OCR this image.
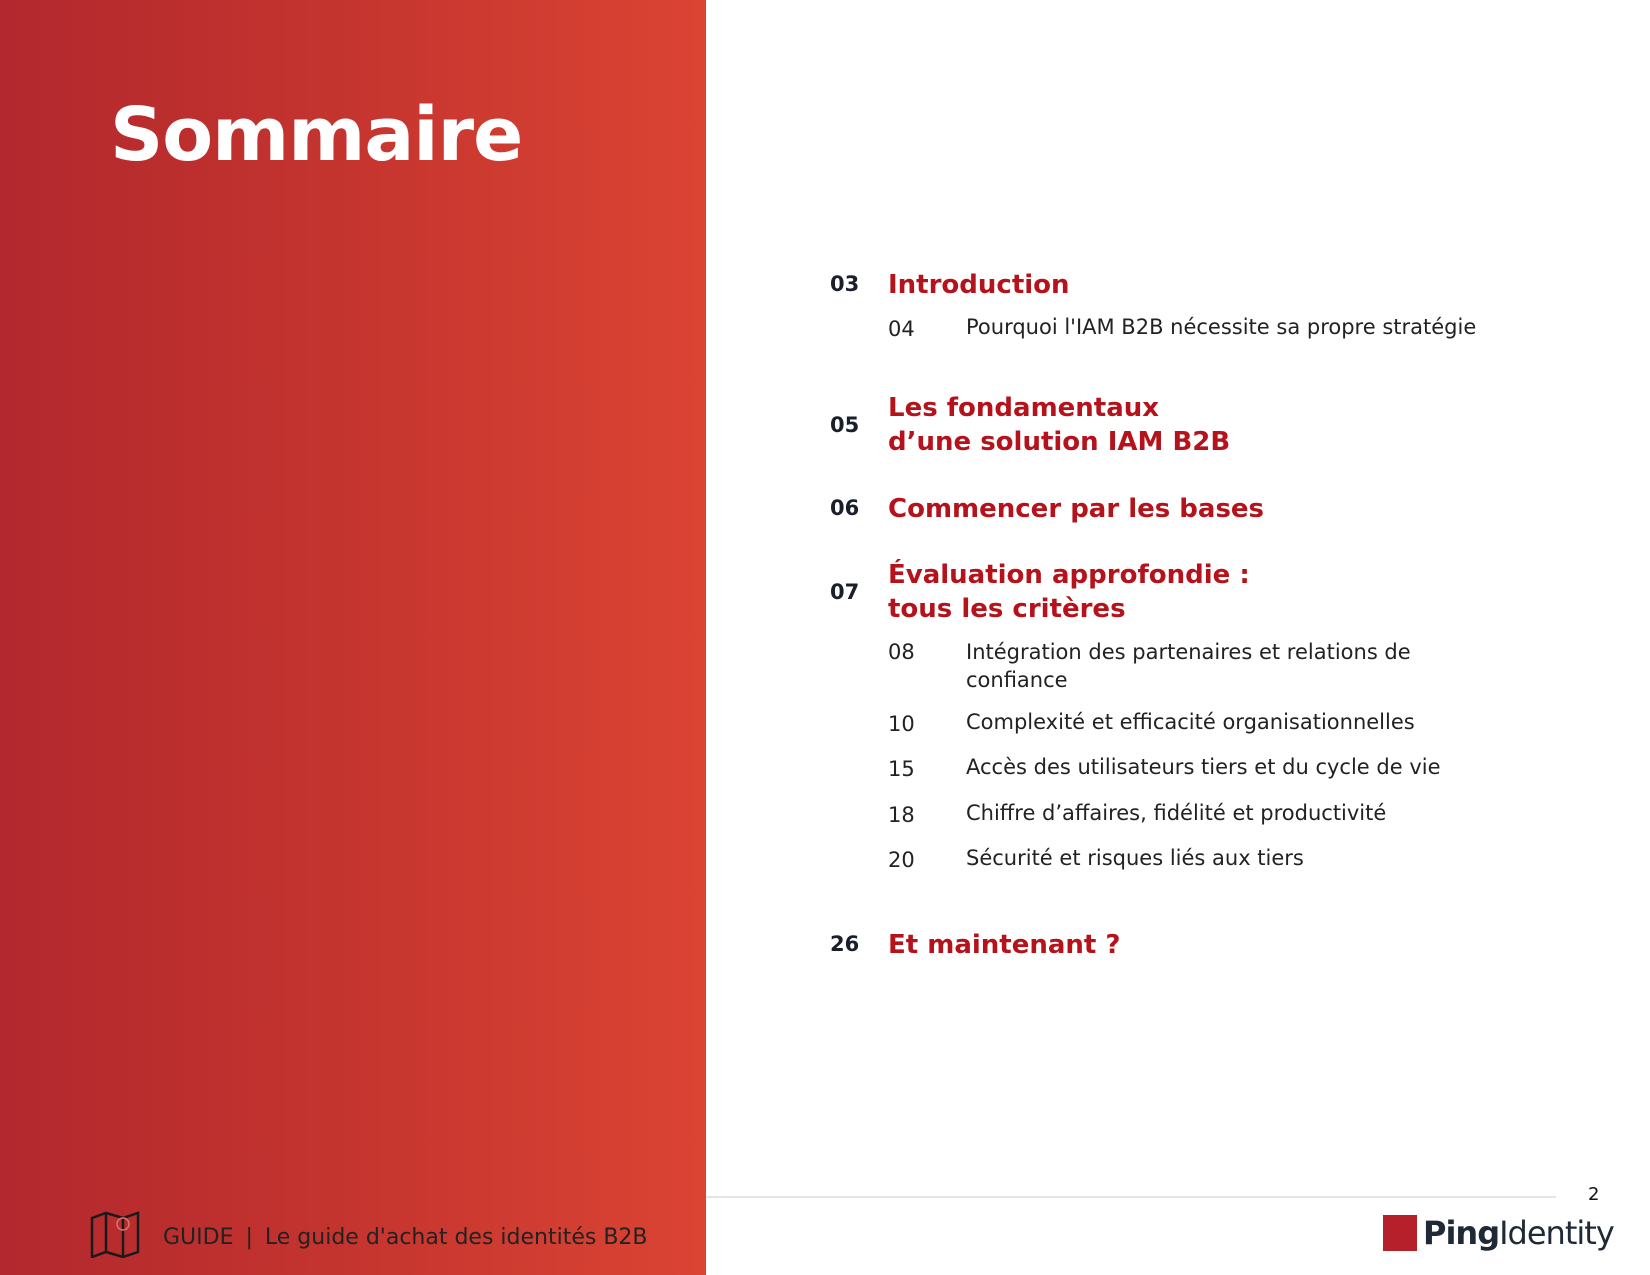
Sommaire
03 Introduction
04 Pourquoi l'IAM B2B nécessite sa propre stratégie
05
Les fondamentaux
d’une solution IAM B2B
06 Commencer par les bases
07
Évaluation approfondie :
tous les critères
08 Intégration des partenaires et relations de confiance
10 Complexité et efficacité organisationnelles
15 Accès des utilisateurs tiers et du cycle de vie
18 Chiffre d’affaires, fidélité et productivité
20 Sécurité et risques liés aux tiers
26 Et maintenant ?
2
GUIDE | Le guide d'achat des identités B2B	Ping Identity
